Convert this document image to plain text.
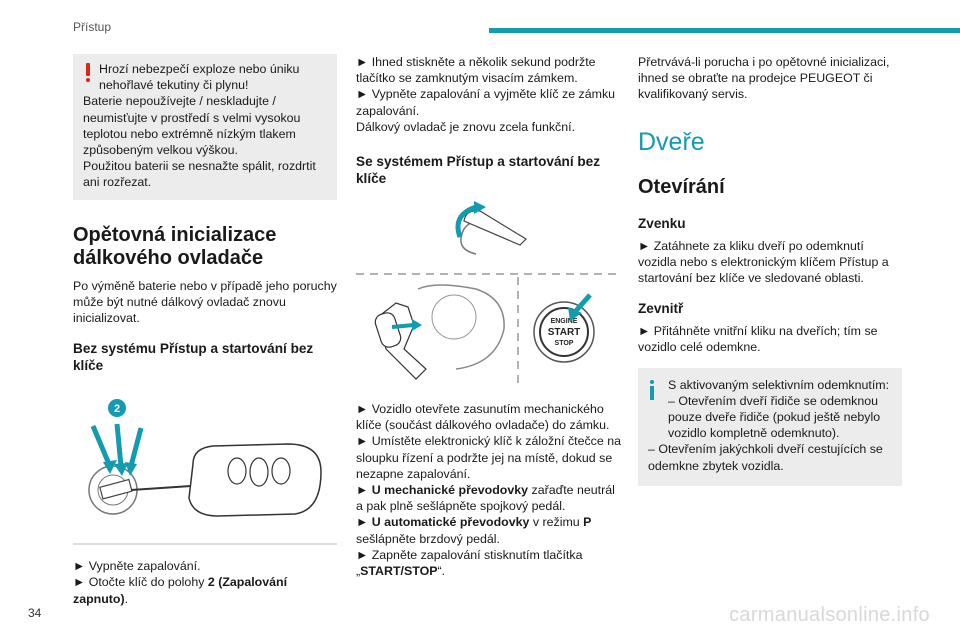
Přístup

Hrozí nebezpečí exploze nebo úniku nehořlavé tekutiny či plynu!

Baterie nepoužívejte / neskladujte / neumisťujte v prostředí s velmi vysokou teplotou nebo extrémně nízkým tlakem způsobeným velkou výškou.

Použitou baterii se nesnažte spálit, rozdrtit ani rozřezat.

Opětovná inicializace dálkového ovladače

Po výměně baterie nebo v případě jeho poruchy může být nutné dálkový ovladač znovu inicializovat.

Bez systému Přístup a startování bez klíče
2

► Vypněte zapalování.

► Otočte klíč do polohy 2 (Zapalování zapnuto).

► Ihned stiskněte a několik sekund podržte tlačítko se zamknutým visacím zámkem.

► Vypněte zapalování a vyjměte klíč ze zámku zapalování.

Dálkový ovladač je znovu zcela funkční.

Se systémem Přístup a startování bez klíče
ENGINE
START
STOP

► Vozidlo otevřete zasunutím mechanického klíče (součást dálkového ovladače) do zámku.

► Umístěte elektronický klíč k záložní čtečce na sloupku řízení a podržte jej na místě, dokud se nezapne zapalování.

► U mechanické převodovky zařaďte neutrál a pak plně sešlápněte spojkový pedál.

► U automatické převodovky v režimu P sešlápněte brzdový pedál.

► Zapněte zapalování stisknutím tlačítka „START/STOP“.

Přetrvává-li porucha i po opětovné inicializaci, ihned se obraťte na prodejce PEUGEOT či kvalifikovaný servis.

Dveře
Otevírání
Zvenku

► Zatáhnete za kliku dveří po odemknutí vozidla nebo s elektronickým klíčem Přístup a startování bez klíče ve sledované oblasti.

Zevnitř

► Přitáhněte vnitřní kliku na dveřích; tím se vozidlo celé odemkne.

S aktivovaným selektivním odemknutím:

– Otevřením dveří řidiče se odemknou pouze dveře řidiče (pokud ještě nebylo vozidlo kompletně odemknuto).

– Otevřením jakýchkoli dveří cestujících se odemkne zbytek vozidla.

34	carmanualsonline.info
